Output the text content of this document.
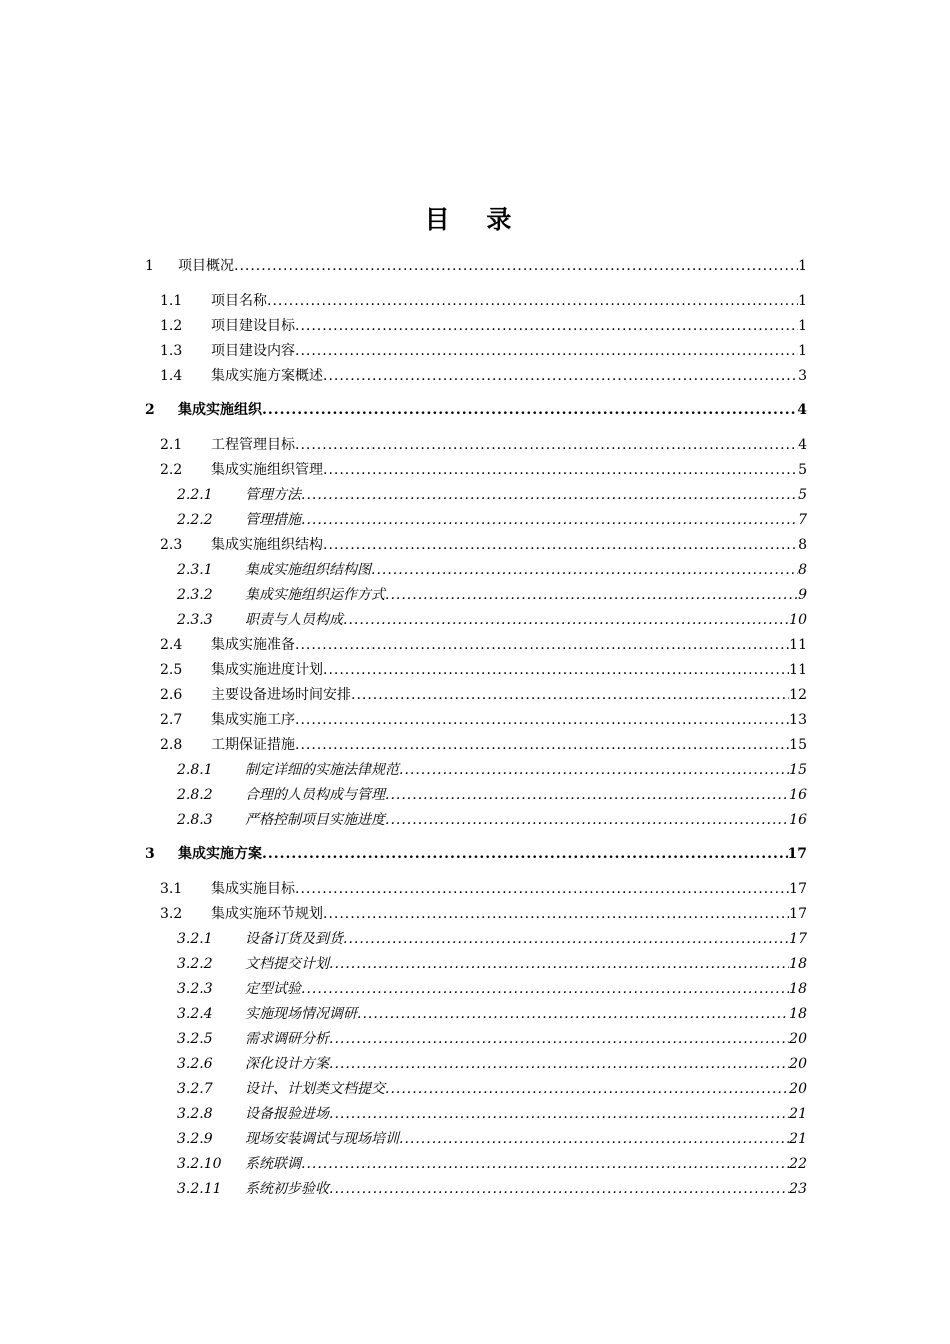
目 录
1 项目概况 .....	1
1.1 项目名称 .....	1
1.2 项目建设目标 .....	1
1.3 项目建设内容 .....	1
1.4 集成实施方案概述 .....	3
2 集成实施组织 .....	4
2.1 工程管理目标 .....	4
2.2 集成实施组织管理 .....	5
2.2.1 管理方法 .....	5
2.2.2 管理措施 .....	7
2.3 集成实施组织结构 .....	8
2.3.1 集成实施组织结构图 .....	8
2.3.2 集成实施组织运作方式 .....	9
2.3.3 职责与人员构成 .....	10
2.4 集成实施准备 .....	11
2.5 集成实施进度计划 .....	11
2.6 主要设备进场时间安排 .....	12
2.7 集成实施工序 .....	13
2.8 工期保证措施 .....	15
2.8.1 制定详细的实施法律规范 .....	15
2.8.2 合理的人员构成与管理 .....	16
2.8.3 严格控制项目实施进度 .....	16
3 集成实施方案 .....	17
3.1 集成实施目标 .....	17
3.2 集成实施环节规划 .....	17
3.2.1 设备订货及到货 .....	17
3.2.2 文档提交计划 .....	18
3.2.3 定型试验 .....	18
3.2.4 实施现场情况调研 .....	18
3.2.5 需求调研分析 .....	20
3.2.6 深化设计方案 .....	20
3.2.7 设计、计划类文档提交 .....	20
3.2.8 设备报验进场 .....	21
3.2.9 现场安装调试与现场培训 .....	21
3.2.10 系统联调 .....	22
3.2.11 系统初步验收 .....	23
